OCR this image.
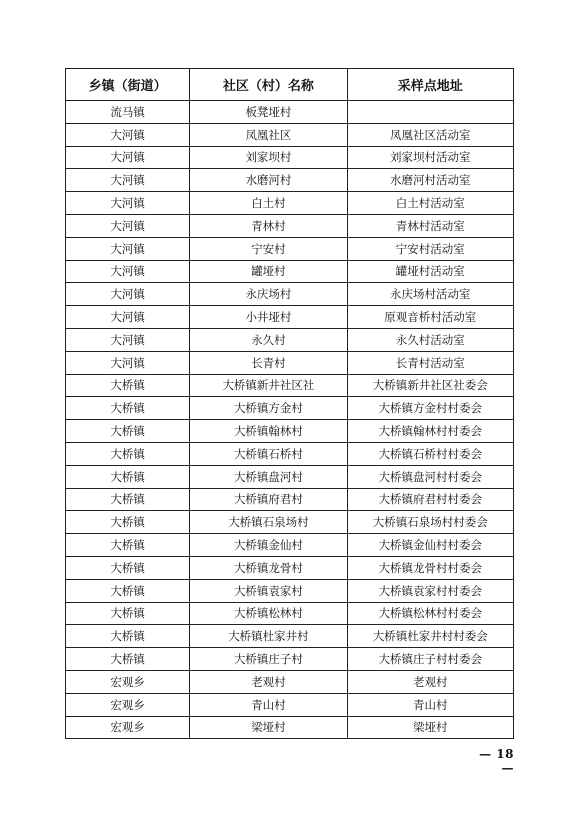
乡镇（街道）	社区（村）名称	采样点地址
流马镇	板凳垭村	
大河镇	凤凰社区	凤凰社区活动室
大河镇	刘家坝村	刘家坝村活动室
大河镇	水磨河村	水磨河村活动室
大河镇	白土村	白土村活动室
大河镇	青林村	青林村活动室
大河镇	宁安村	宁安村活动室
大河镇	罐垭村	罐垭村活动室
大河镇	永庆场村	永庆场村活动室
大河镇	小井垭村	原观音桥村活动室
大河镇	永久村	永久村活动室
大河镇	长青村	长青村活动室
大桥镇	大桥镇新井社区社	大桥镇新井社区社委会
大桥镇	大桥镇方金村	大桥镇方金村村委会
大桥镇	大桥镇翰林村	大桥镇翰林村村委会
大桥镇	大桥镇石桥村	大桥镇石桥村村委会
大桥镇	大桥镇盘河村	大桥镇盘河村村委会
大桥镇	大桥镇府君村	大桥镇府君村村委会
大桥镇	大桥镇石泉场村	大桥镇石泉场村村委会
大桥镇	大桥镇金仙村	大桥镇金仙村村委会
大桥镇	大桥镇龙骨村	大桥镇龙骨村村委会
大桥镇	大桥镇袁家村	大桥镇袁家村村委会
大桥镇	大桥镇松林村	大桥镇松林村村委会
大桥镇	大桥镇杜家井村	大桥镇杜家井村村委会
大桥镇	大桥镇庄子村	大桥镇庄子村村委会
宏观乡	老观村	老观村
宏观乡	青山村	青山村
宏观乡	梁垭村	梁垭村
— 18 —
